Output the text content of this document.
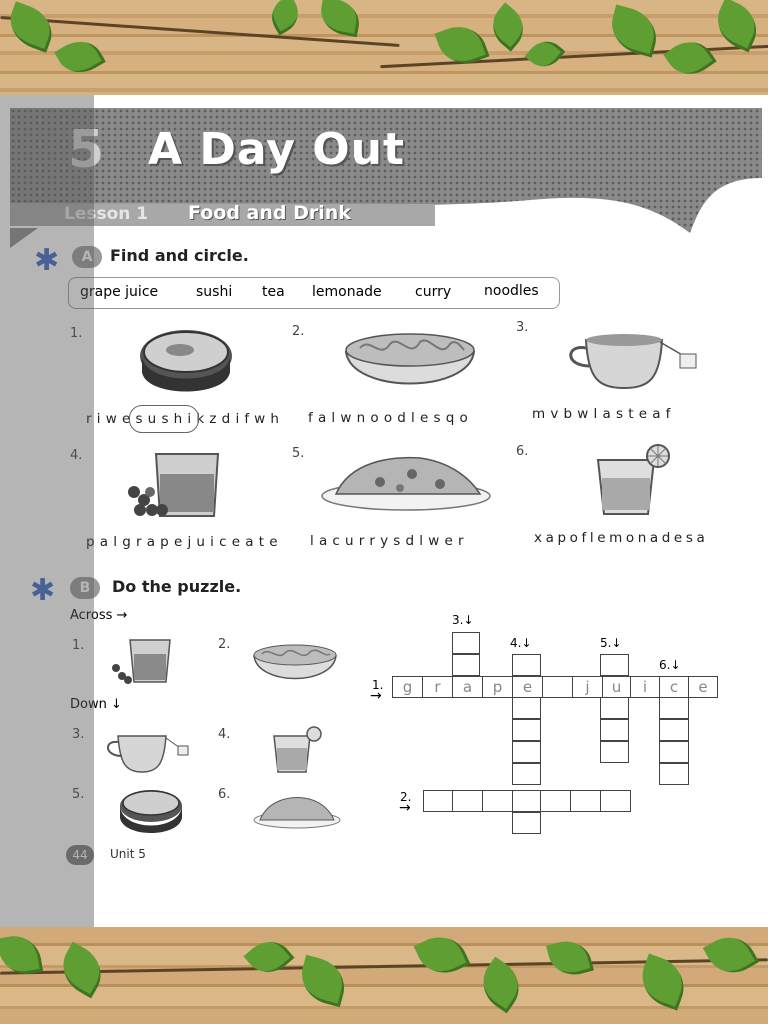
5 A Day Out
Lesson 1 Food and Drink
✱	A	Find and circle.
grape juice	sushi tea lemonade curry noodles
1.	2.	3.
4.	5.	6.
riwesushikzdifwh falwnoodlesqo	mvbwlasteaf
palgrapejuiceate lacurrysdlwer	xapoflemonadesa
✱	B	Do the puzzle.
Across →
Down ↓
1.	2.
3.	4.
5.	6.
3.↓
4.↓	5.↓
6.↓
1.
→
2.
→
g	r	a	p	e	j	u	i	c	e
44	Unit 5
